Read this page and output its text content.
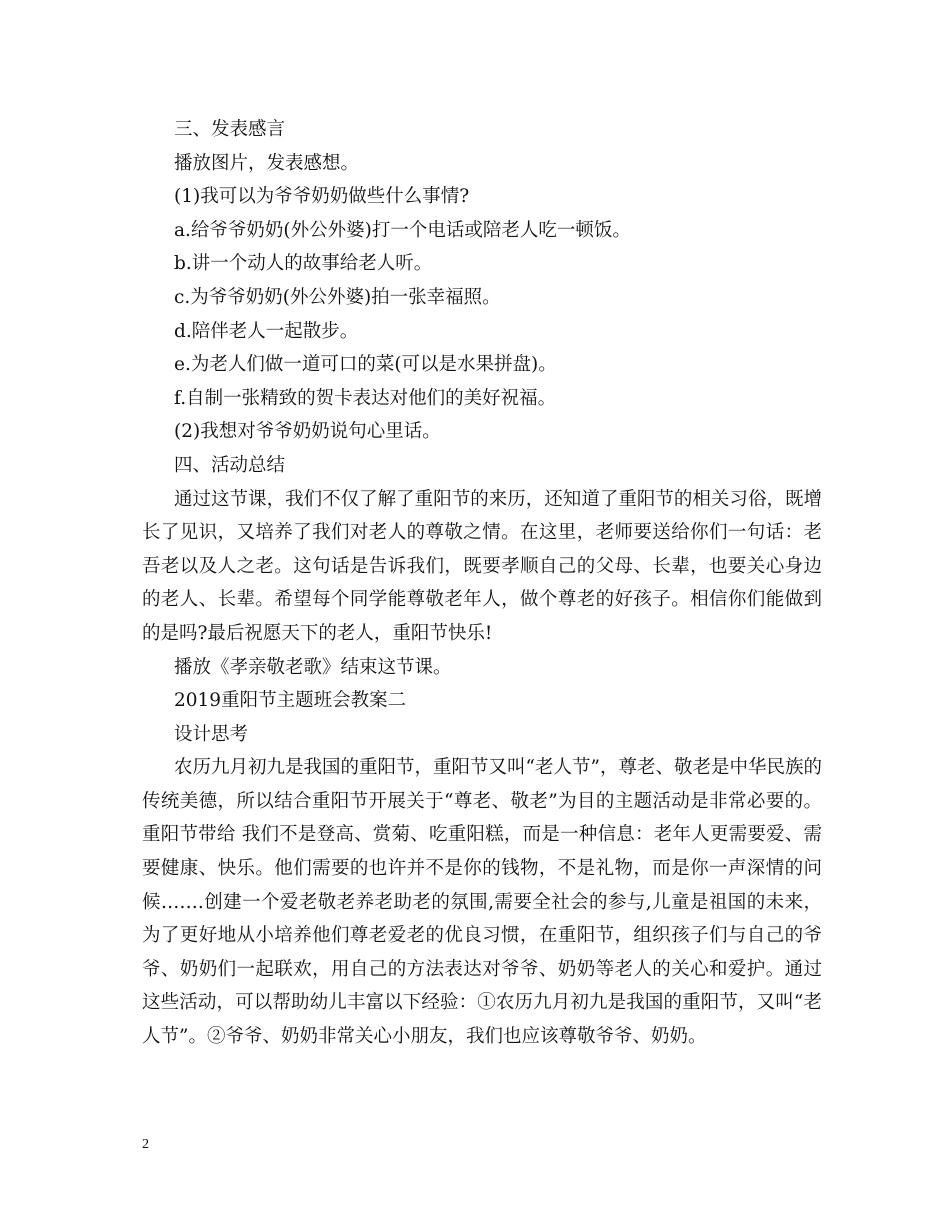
三、发表感言
播放图片，发表感想。
(1)我可以为爷爷奶奶做些什么事情?
a.给爷爷奶奶(外公外婆)打一个电话或陪老人吃一顿饭。
b.讲一个动人的故事给老人听。
c.为爷爷奶奶(外公外婆)拍一张幸福照。
d.陪伴老人一起散步。
e.为老人们做一道可口的菜(可以是水果拼盘)。
f.自制一张精致的贺卡表达对他们的美好祝福。
(2)我想对爷爷奶奶说句心里话。
四、活动总结

通过这节课，我们不仅了解了重阳节的来历，还知道了重阳节的相关习俗，既增长了见识，又培养了我们对老人的尊敬之情。在这里，老师要送给你们一句话：老吾老以及人之老。这句话是告诉我们，既要孝顺自己的父母、长辈，也要关心身边的老人、长辈。希望每个同学能尊敬老年人，做个尊老的好孩子。相信你们能做到的是吗?最后祝愿天下的老人，重阳节快乐!

播放《孝亲敬老歌》结束这节课。
2019重阳节主题班会教案二
设计思考

农历九月初九是我国的重阳节，重阳节又叫“老人节”，尊老、敬老是中华民族的传统美德，所以结合重阳节开展关于“尊老、敬老”为目的主题活动是非常必要的。重阳节带给 我们不是登高、赏菊、吃重阳糕，而是一种信息：老年人更需要爱、需要健康、快乐。他们需要的也许并不是你的钱物，不是礼物，而是你一声深情的问候…….创建一个爱老敬老养老助老的氛围,需要全社会的参与,儿童是祖国的未来，为了更好地从小培养他们尊老爱老的优良习惯，在重阳节，组织孩子们与自己的爷爷、奶奶们一起联欢，用自己的方法表达对爷爷、奶奶等老人的关心和爱护。通过这些活动，可以帮助幼儿丰富以下经验：①农历九月初九是我国的重阳节，又叫“老人节”。②爷爷、奶奶非常关心小朋友，我们也应该尊敬爷爷、奶奶。

2
